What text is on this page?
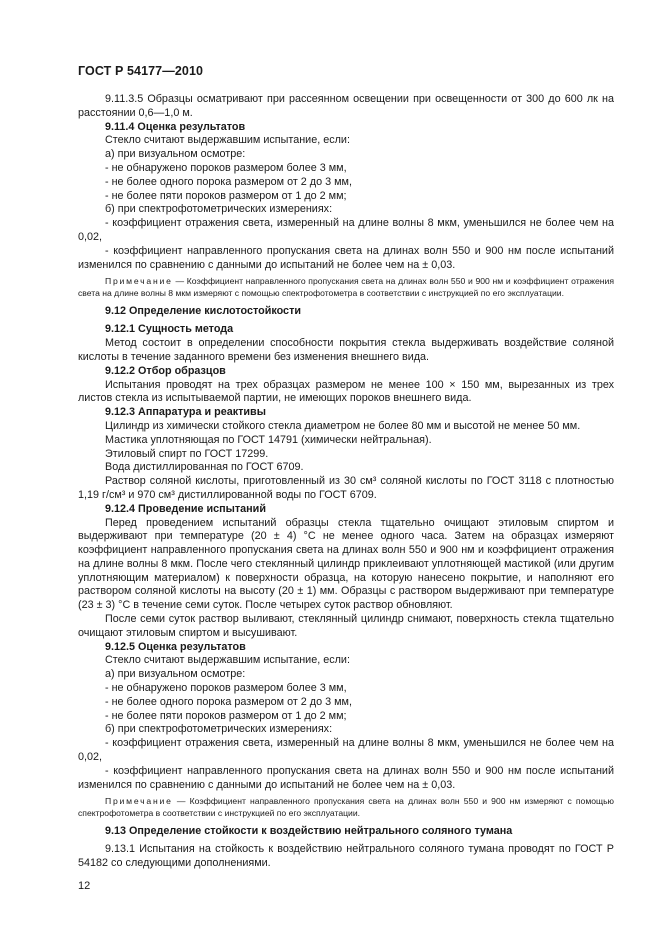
ГОСТ Р 54177—2010

9.11.3.5 Образцы осматривают при рассеянном освещении при освещенности от 300 до 600 лк на расстоянии 0,6—1,0 м.

9.11.4 Оценка результатов

Стекло считают выдержавшим испытание, если:

а) при визуальном осмотре:

- не обнаружено пороков размером более 3 мм,

- не более одного порока размером от 2 до 3 мм,

- не более пяти пороков размером от 1 до 2 мм;

б) при спектрофотометрических измерениях:

- коэффициент отражения света, измеренный на длине волны 8 мкм, уменьшился не более чем на 0,02,

- коэффициент направленного пропускания света на длинах волн 550 и 900 нм после испытаний изменился по сравнению с данными до испытаний не более чем на ± 0,03.

Примечание — Коэффициент направленного пропускания света на длинах волн 550 и 900 нм и коэффициент отражения света на длине волны 8 мкм измеряют с помощью спектрофотометра в соответствии с инструкцией по его эксплуатации.

9.12 Определение кислотостойкости

9.12.1 Сущность метода

Метод состоит в определении способности покрытия стекла выдерживать воздействие соляной кислоты в течение заданного времени без изменения внешнего вида.

9.12.2 Отбор образцов

Испытания проводят на трех образцах размером не менее 100 × 150 мм, вырезанных из трех листов стекла из испытываемой партии, не имеющих пороков внешнего вида.

9.12.3 Аппаратура и реактивы

Цилиндр из химически стойкого стекла диаметром не более 80 мм и высотой не менее 50 мм.

Мастика уплотняющая по ГОСТ 14791 (химически нейтральная).

Этиловый спирт по ГОСТ 17299.

Вода дистиллированная по ГОСТ 6709.

Раствор соляной кислоты, приготовленный из 30 см³ соляной кислоты по ГОСТ 3118 с плотностью 1,19 г/см³ и 970 см³ дистиллированной воды по ГОСТ 6709.

9.12.4 Проведение испытаний

Перед проведением испытаний образцы стекла тщательно очищают этиловым спиртом и выдерживают при температуре (20 ± 4) °С не менее одного часа. Затем на образцах измеряют коэффициент направленного пропускания света на длинах волн 550 и 900 нм и коэффициент отражения на длине волны 8 мкм. После чего стеклянный цилиндр приклеивают уплотняющей мастикой (или другим уплотняющим материалом) к поверхности образца, на которую нанесено покрытие, и наполняют его раствором соляной кислоты на высоту (20 ± 1) мм. Образцы с раствором выдерживают при температуре (23 ± 3) °С в течение семи суток. После четырех суток раствор обновляют.

После семи суток раствор выливают, стеклянный цилиндр снимают, поверхность стекла тщательно очищают этиловым спиртом и высушивают.

9.12.5 Оценка результатов

Стекло считают выдержавшим испытание, если:

а) при визуальном осмотре:

- не обнаружено пороков размером более 3 мм,

- не более одного порока размером от 2 до 3 мм,

- не более пяти пороков размером от 1 до 2 мм;

б) при спектрофотометрических измерениях:

- коэффициент отражения света, измеренный на длине волны 8 мкм, уменьшился не более чем на 0,02,

- коэффициент направленного пропускания света на длинах волн 550 и 900 нм после испытаний изменился по сравнению с данными до испытаний не более чем на ± 0,03.

Примечание — Коэффициент направленного пропускания света на длинах волн 550 и 900 нм измеряют с помощью спектрофотометра в соответствии с инструкцией по его эксплуатации.

9.13 Определение стойкости к воздействию нейтрального соляного тумана

9.13.1 Испытания на стойкость к воздействию нейтрального соляного тумана проводят по ГОСТ Р 54182 со следующими дополнениями.

12
